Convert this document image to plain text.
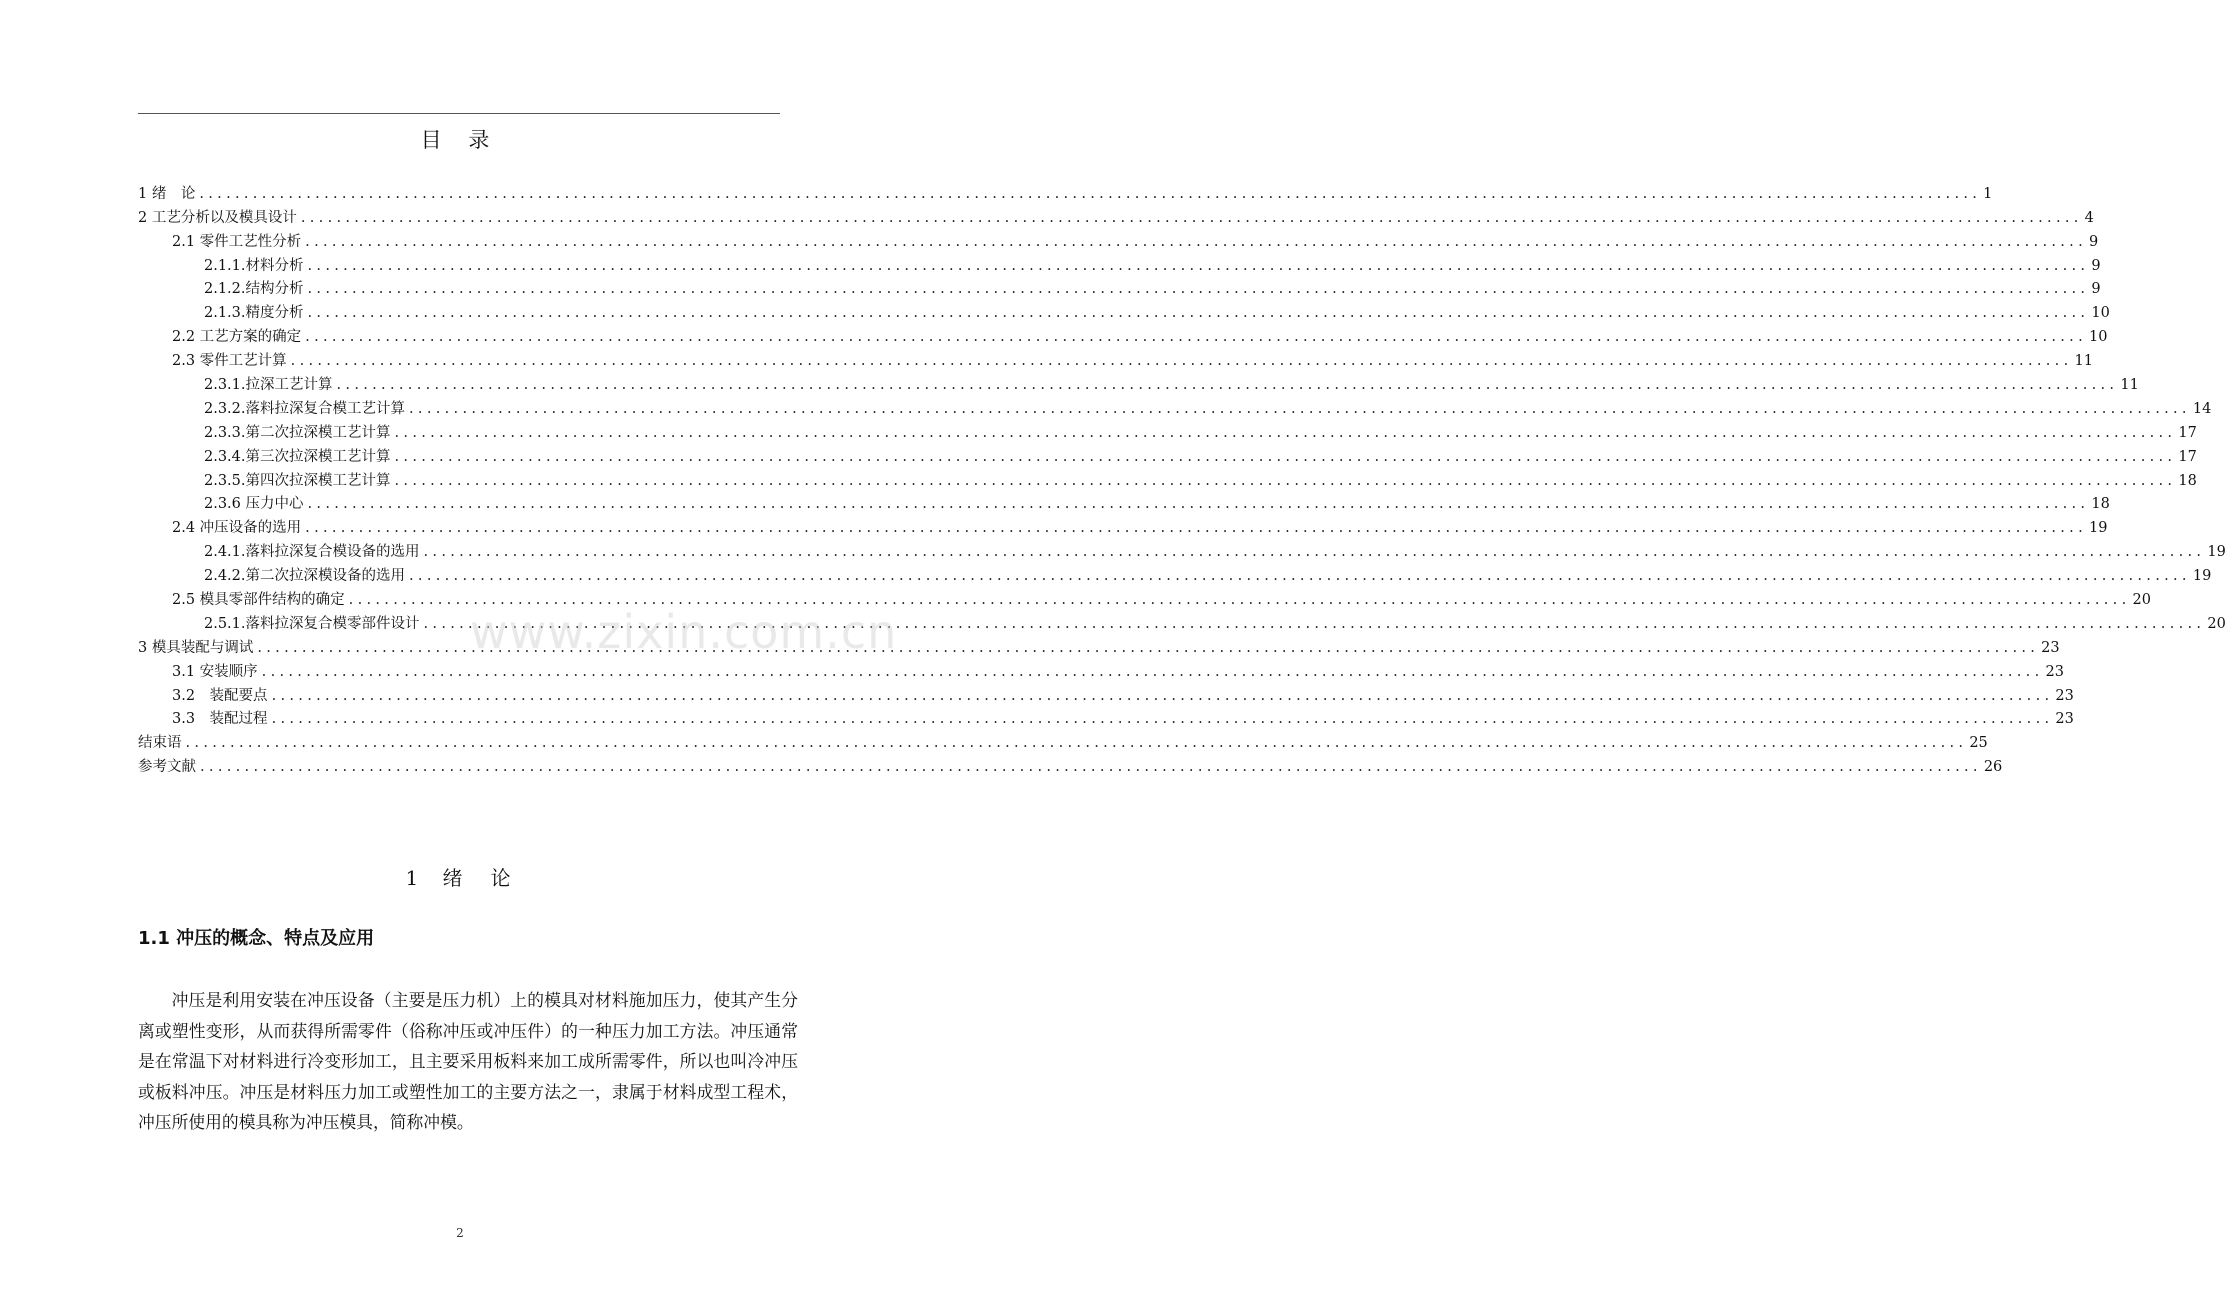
目 录
1 绪　论 ........................................................................................................................................................................................................ 1
2 工艺分析以及模具设计 ........................................................................................................................................................................................................ 4
2.1 零件工艺性分析 ........................................................................................................................................................................................................ 9
2.1.1.材料分析 ........................................................................................................................................................................................................ 9
2.1.2.结构分析 ........................................................................................................................................................................................................ 9
2.1.3.精度分析 ........................................................................................................................................................................................................ 10
2.2 工艺方案的确定 ........................................................................................................................................................................................................ 10
2.3 零件工艺计算 ........................................................................................................................................................................................................ 11
2.3.1.拉深工艺计算 ........................................................................................................................................................................................................ 11
2.3.2.落料拉深复合模工艺计算 ........................................................................................................................................................................................................ 14
2.3.3.第二次拉深模工艺计算 ........................................................................................................................................................................................................ 17
2.3.4.第三次拉深模工艺计算 ........................................................................................................................................................................................................ 17
2.3.5.第四次拉深模工艺计算 ........................................................................................................................................................................................................ 18
2.3.6 压力中心 ........................................................................................................................................................................................................ 18
2.4 冲压设备的选用 ........................................................................................................................................................................................................ 19
2.4.1.落料拉深复合模设备的选用 ........................................................................................................................................................................................................ 19
2.4.2.第二次拉深模设备的选用 ........................................................................................................................................................................................................ 19
2.5 模具零部件结构的确定 ........................................................................................................................................................................................................ 20
2.5.1.落料拉深复合模零部件设计 ........................................................................................................................................................................................................ 20
3 模具装配与调试 ........................................................................................................................................................................................................ 23
3.1 安装顺序 ........................................................................................................................................................................................................ 23
3.2　装配要点 ........................................................................................................................................................................................................ 23
3.3　装配过程 ........................................................................................................................................................................................................ 23
结束语 ........................................................................................................................................................................................................ 25
参考文献 ........................................................................................................................................................................................................ 26
www.zixin.com.cn
1 绪　论
1.1 冲压的概念、特点及应用

冲压是利用安装在冲压设备（主要是压力机）上的模具对材料施加压力，使其产生分离或塑性变形，从而获得所需零件（俗称冲压或冲压件）的一种压力加工方法。冲压通常是在常温下对材料进行冷变形加工，且主要采用板料来加工成所需零件，所以也叫冷冲压或板料冲压。冲压是材料压力加工或塑性加工的主要方法之一，隶属于材料成型工程术，冲压所使用的模具称为冲压模具，简称冲模。

2
